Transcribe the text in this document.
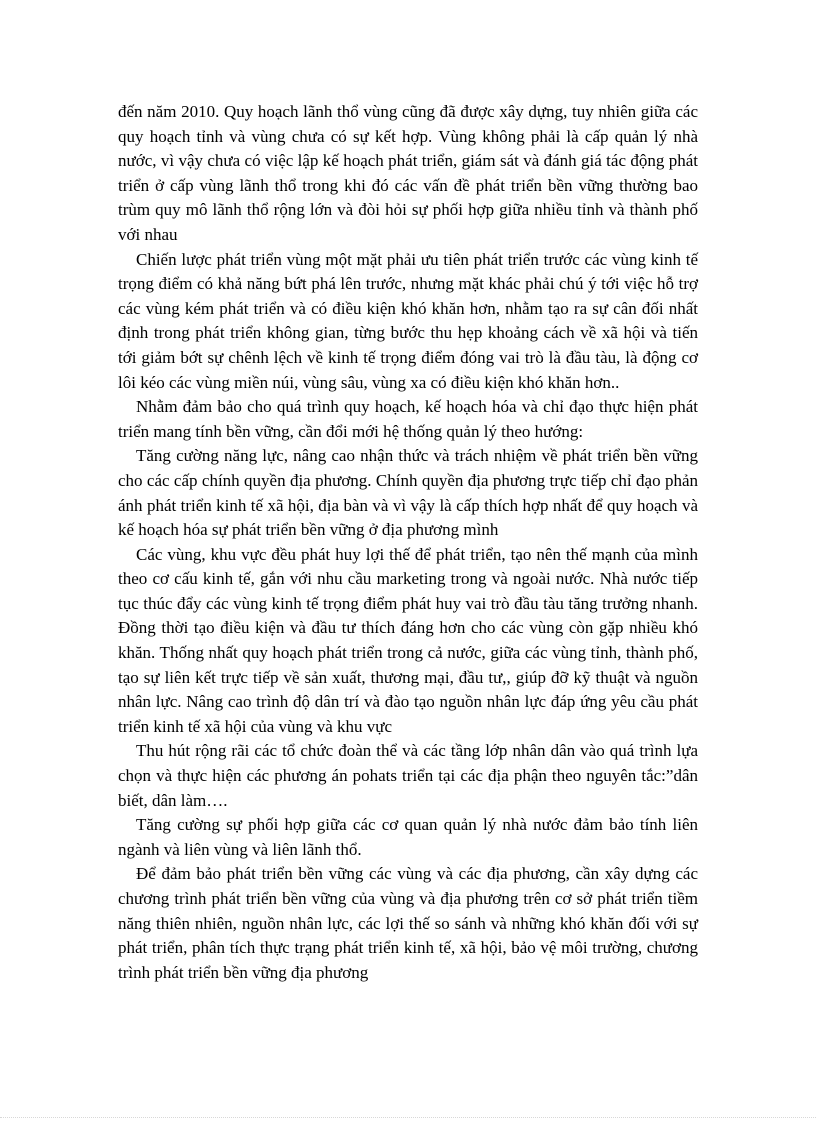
đến năm 2010. Quy hoạch lãnh thổ vùng cũng đã được xây dựng, tuy nhiên giữa các quy hoạch tỉnh và vùng chưa có sự kết hợp. Vùng không phải là cấp quản lý nhà nước, vì vậy chưa có việc lập kế hoạch phát triển, giám sát và đánh giá tác động phát triển ở cấp vùng lãnh thổ trong khi đó các vấn đề phát triển bền vững thường bao trùm quy mô lãnh thổ rộng lớn và đòi hỏi sự phối hợp giữa nhiều tỉnh và thành phố với nhau

Chiến lược phát triển vùng một mặt phải ưu tiên phát triển trước các vùng kinh tế trọng điểm có khả năng bứt phá lên trước, nhưng mặt khác phải chú ý tới việc hỗ trợ các vùng kém phát triển và có điều kiện khó khăn hơn, nhằm tạo ra sự cân đối nhất định trong phát triển không gian, từng bước thu hẹp khoảng cách về xã hội và tiến tới giảm bớt sự chênh lệch về kinh tế trọng điểm đóng vai trò là đầu tàu, là động cơ lôi kéo các vùng miền núi, vùng sâu, vùng xa có điều kiện khó khăn hơn..

Nhằm đảm bảo cho quá trình quy hoạch, kế hoạch hóa và chỉ đạo thực hiện phát triển mang tính bền vững, cần đổi mới hệ thống quản lý theo hướng:

Tăng cường năng lực, nâng cao nhận thức và trách nhiệm về phát triển bền vững cho các cấp chính quyền địa phương. Chính quyền địa phương trực tiếp chỉ đạo phản ánh phát triển kinh tế xã hội, địa bàn và vì vậy là cấp thích hợp nhất để quy hoạch và kế hoạch hóa sự phát triển bền vững ở địa phương mình

Các vùng, khu vực đều phát huy lợi thế để phát triển, tạo nên thế mạnh của mình theo cơ cấu kinh tế, gắn với nhu cầu marketing trong và ngoài nước. Nhà nước tiếp tục thúc đẩy các vùng kinh tế trọng điểm phát huy vai trò đầu tàu tăng trưởng nhanh. Đồng thời tạo điều kiện và đầu tư thích đáng hơn cho các vùng còn gặp nhiều khó khăn. Thống nhất quy hoạch phát triển trong cả nước, giữa các vùng tỉnh, thành phố, tạo sự liên kết trực tiếp về sản xuất, thương mại, đầu tư,, giúp đỡ kỹ thuật và nguồn nhân lực. Nâng cao trình độ dân trí và đào tạo nguồn nhân lực đáp ứng yêu cầu phát triển kinh tế xã hội của vùng và khu vực

Thu hút rộng rãi các tổ chức đoàn thể và các tầng lớp nhân dân vào quá trình lựa chọn và thực hiện các phương án pohats triển tại các địa phận theo nguyên tắc:”dân biết, dân làm….

Tăng cường sự phối hợp giữa các cơ quan quản lý nhà nước đảm bảo tính liên ngành và liên vùng và liên lãnh thổ.

Để đảm bảo phát triển bền vững các vùng và các địa phương, cần xây dựng các chương trình phát triển bền vững của vùng và địa phương trên cơ sở phát triển tiềm năng thiên nhiên, nguồn nhân lực, các lợi thế so sánh và những khó khăn đối với sự phát triển, phân tích thực trạng phát triển kinh tế, xã hội, bảo vệ môi trường, chương trình phát triển bền vững địa phương
